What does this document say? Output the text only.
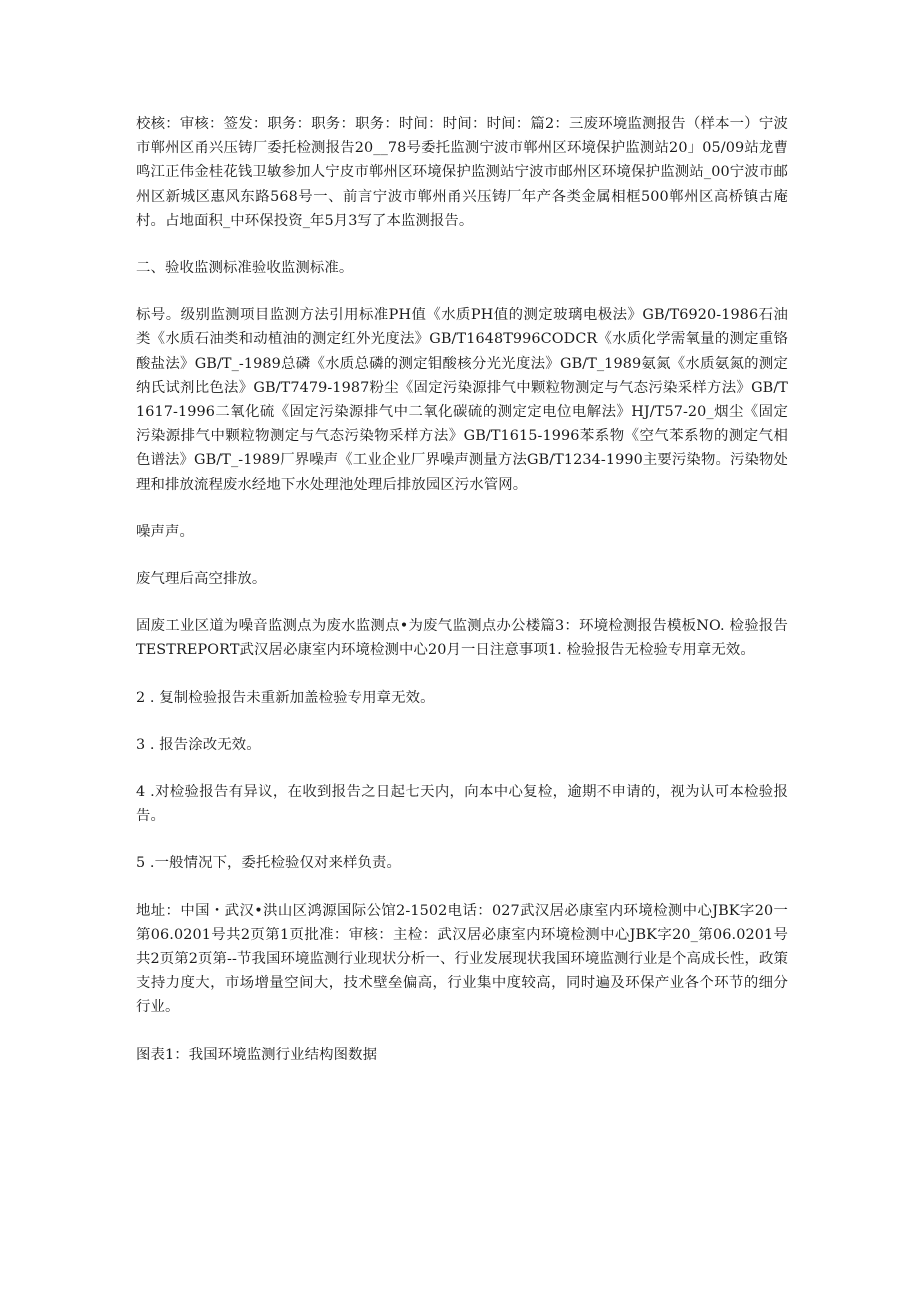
校核：审核：签发：职务：职务：职务：时间：时间：时间：篇2：三废环境监测报告（样本一）宁波市郸州区甬兴压铸厂委托检测报告20__78号委托监测宁波市郸州区环境保护监测站20」05/09站龙曹鸣江正伟金桂花钱卫敏参加人宁皮市郸州区环境保护监测站宁波市邮州区环境保护监测站_00宁波市邮州区新城区惠风东路568号一、前言宁波市郸州甬兴压铸厂年产各类金属相框500郸州区高桥镇古庵村。占地面积_中环保投资_年5月3写了本监测报告。

二、验收监测标准验收监测标准。

标号。级别监测项目监测方法引用标准PH值《水质PH值的测定玻璃电极法》GB/T6920-1986石油类《水质石油类和动植油的测定红外光度法》GB/T1648T996CODCR《水质化学需氧量的测定重铬酸盐法》GB/T_-1989总磷《水质总磷的测定钼酸核分光光度法》GB/T_1989氨氮《水质氨氮的测定纳氏试剂比色法》GB/T7479-1987粉尘《固定污染源排气中颗粒物测定与气态污染采样方法》GB/T1617-1996二氧化硫《固定污染源排气中二氧化碳硫的测定定电位电解法》HJ/T57-20_烟尘《固定污染源排气中颗粒物测定与气态污染物采样方法》GB/T1615-1996苯系物《空气苯系物的测定气相色谱法》GB/T_-1989厂界噪声《工业企业厂界噪声测量方法GB/T1234-1990主要污染物。污染物处理和排放流程废水经地下水处理池处理后排放园区污水管网。

噪声声。

废气理后高空排放。

固废工业区道为噪音监测点为废水监测点•为废气监测点办公楼篇3：环境检测报告模板NO. 检验报告TESTREPORT武汉居必康室内环境检测中心20月一日注意事项1. 检验报告无检验专用章无效。

2 . 复制检验报告未重新加盖检验专用章无效。

3 . 报告涂改无效。

4 .对检验报告有异议，在收到报告之日起七天内，向本中心复检，逾期不申请的，视为认可本检验报告。

5 .一般情况下，委托检验仅对来样负责。

地址：中国・武汉•洪山区鸿源国际公馆2-1502电话：027武汉居必康室内环境检测中心JBK字20一第06.0201号共2页第1页批准：审核：主检：武汉居必康室内环境检测中心JBK字20_第06.0201号共2页第2页第--节我国环境监测行业现状分析一、行业发展现状我国环境监测行业是个高成长性，政策支持力度大，市场增量空间大，技术壁垒偏高，行业集中度较高，同时遍及环保产业各个环节的细分行业。

图表1：我国环境监测行业结构图数据
